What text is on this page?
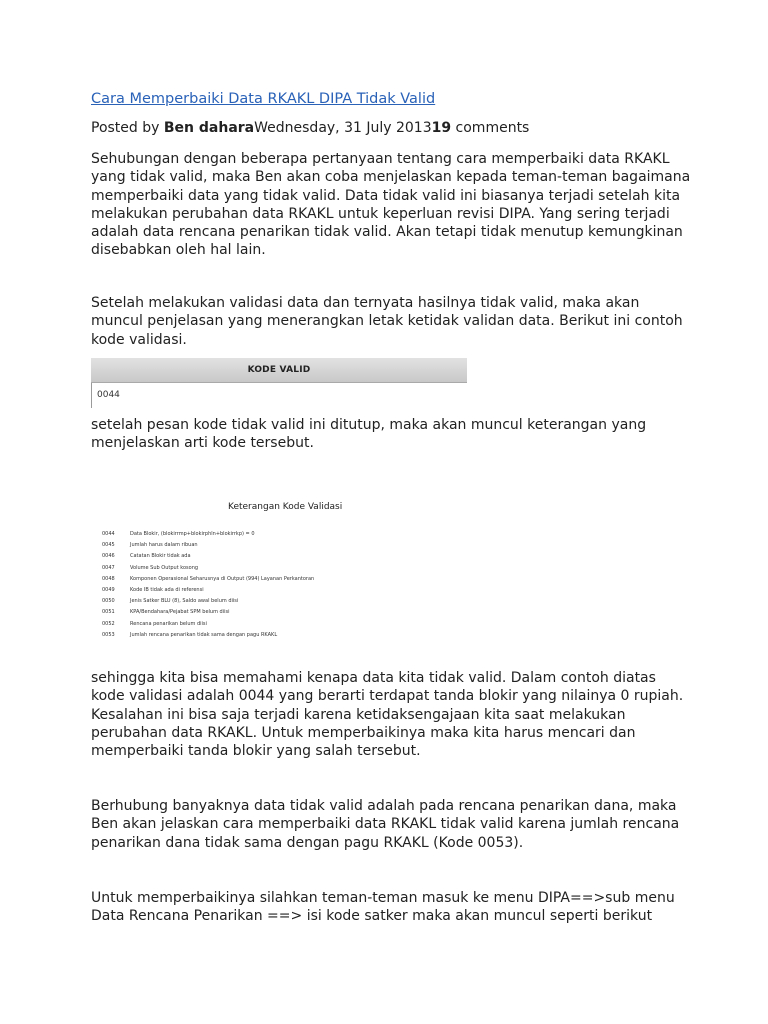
Cara Memperbaiki Data RKAKL DIPA Tidak Valid
Posted by Ben daharaWednesday, 31 July 201319 comments

Sehubungan dengan beberapa pertanyaan tentang cara memperbaiki data RKAKL yang tidak valid, maka Ben akan coba menjelaskan kepada teman-teman bagaimana memperbaiki data yang tidak valid. Data tidak valid ini biasanya terjadi setelah kita melakukan perubahan data RKAKL untuk keperluan revisi DIPA. Yang sering terjadi adalah data rencana penarikan tidak valid. Akan tetapi tidak menutup kemungkinan disebabkan oleh hal lain.

Setelah melakukan validasi data dan ternyata hasilnya tidak valid, maka akan muncul penjelasan yang menerangkan letak ketidak validan data. Berikut ini contoh kode validasi.

KODE VALID
0044

setelah pesan kode tidak valid ini ditutup, maka akan muncul keterangan yang menjelaskan arti kode tersebut.

Keterangan Kode Validasi
0044	Data Blokir, (blokirrmp+blokirphln+blokirrkp) = 0
0045	Jumlah harus dalam ribuan
0046	Catatan Blokir tidak ada
0047	Volume Sub Output kosong
0048	Komponen Operasional Seharusnya di Output (994) Layanan Perkantoran
0049	Kode IB tidak ada di referensi
0050	Jenis Satker BLU (8), Saldo awal belum diisi
0051	KPA/Bendahara/Pejabat SPM belum diisi
0052	Rencana penarikan belum diisi
0053	Jumlah rencana penarikan tidak sama dengan pagu RKAKL

sehingga kita bisa memahami kenapa data kita tidak valid. Dalam contoh diatas kode validasi adalah 0044 yang berarti terdapat tanda blokir yang nilainya 0 rupiah. Kesalahan ini bisa saja terjadi karena ketidaksengajaan kita saat melakukan perubahan data RKAKL. Untuk memperbaikinya maka kita harus mencari dan memperbaiki tanda blokir yang salah tersebut.

Berhubung banyaknya data tidak valid adalah pada rencana penarikan dana, maka Ben akan jelaskan cara memperbaiki data RKAKL tidak valid karena jumlah rencana penarikan dana tidak sama dengan pagu RKAKL (Kode 0053).

Untuk memperbaikinya silahkan teman-teman masuk ke menu DIPA==>sub menu Data Rencana Penarikan ==> isi kode satker maka akan muncul seperti berikut
